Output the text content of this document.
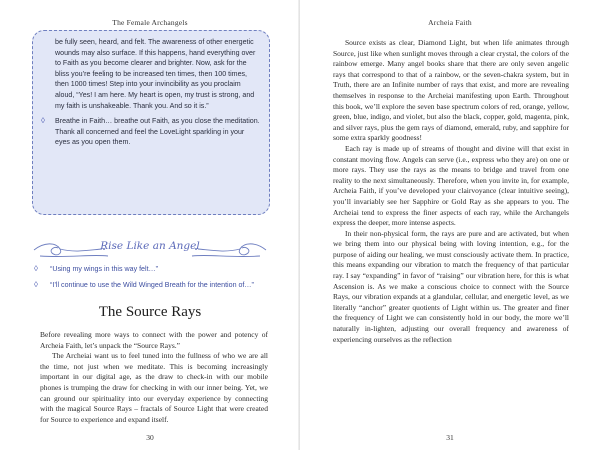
The Female Archangels
be fully seen, heard, and felt. The awareness of other energetic wounds may also surface. If this happens, hand everything over to Faith as you become clearer and brighter. Now, ask for the bliss you’re feeling to be increased ten times, then 100 times, then 1000 times! Step into your invincibility as you proclaim aloud, “Yes! I am here. My heart is open, my trust is strong, and my faith is unshakeable. Thank you. And so it is.”
◊ Breathe in Faith… breathe out Faith, as you close the meditation. Thank all concerned and feel the LoveLight sparkling in your eyes as you open them.
Rise Like an Angel
◊ “Using my wings in this way felt…”
◊ “I’ll continue to use the Wild Winged Breath for the intention of…”
The Source Rays

Before revealing more ways to connect with the power and potency of Archeia Faith, let’s unpack the “Source Rays.”

The Archeiai want us to feel tuned into the fullness of who we are all the time, not just when we meditate. This is becoming increasingly important in our digital age, as the draw to check-in with our mobile phones is trumping the draw for checking in with our inner being. Yet, we can ground our spirituality into our everyday experience by connecting with the magical Source Rays – fractals of Source Light that were created for Source to experience and expand itself.

30
Archeia Faith

Source exists as clear, Diamond Light, but when life animates through Source, just like when sunlight moves through a clear crystal, the colors of the rainbow emerge. Many angel books share that there are only seven angelic rays that correspond to that of a rainbow, or the seven-chakra system, but in Truth, there are an Infinite number of rays that exist, and more are revealing themselves in response to the Archeiai manifesting upon Earth. Throughout this book, we’ll explore the seven base spectrum colors of red, orange, yellow, green, blue, indigo, and violet, but also the black, copper, gold, magenta, pink, and silver rays, plus the gem rays of diamond, emerald, ruby, and sapphire for some extra sparkly goodness!

Each ray is made up of streams of thought and divine will that exist in constant moving flow. Angels can serve (i.e., express who they are) on one or more rays. They use the rays as the means to bridge and travel from one reality to the next simultaneously. Therefore, when you invite in, for example, Archeia Faith, if you’ve developed your clairvoyance (clear intuitive seeing), you’ll invariably see her Sapphire or Gold Ray as she appears to you. The Archeiai tend to express the finer aspects of each ray, while the Archangels express the deeper, more intense aspects.

In their non-physical form, the rays are pure and are activated, but when we bring them into our physical being with loving intention, e.g., for the purpose of aiding our healing, we must consciously activate them. In practice, this means expanding our vibration to match the frequency of that particular ray. I say “expanding” in favor of “raising” our vibration here, for this is what Ascension is. As we make a conscious choice to connect with the Source Rays, our vibration expands at a glandular, cellular, and energetic level, as we literally “anchor” greater quotients of Light within us. The greater and finer the frequency of Light we can consistently hold in our body, the more we’ll naturally in-lighten, adjusting our overall frequency and awareness of experiencing ourselves as the reflection

31
